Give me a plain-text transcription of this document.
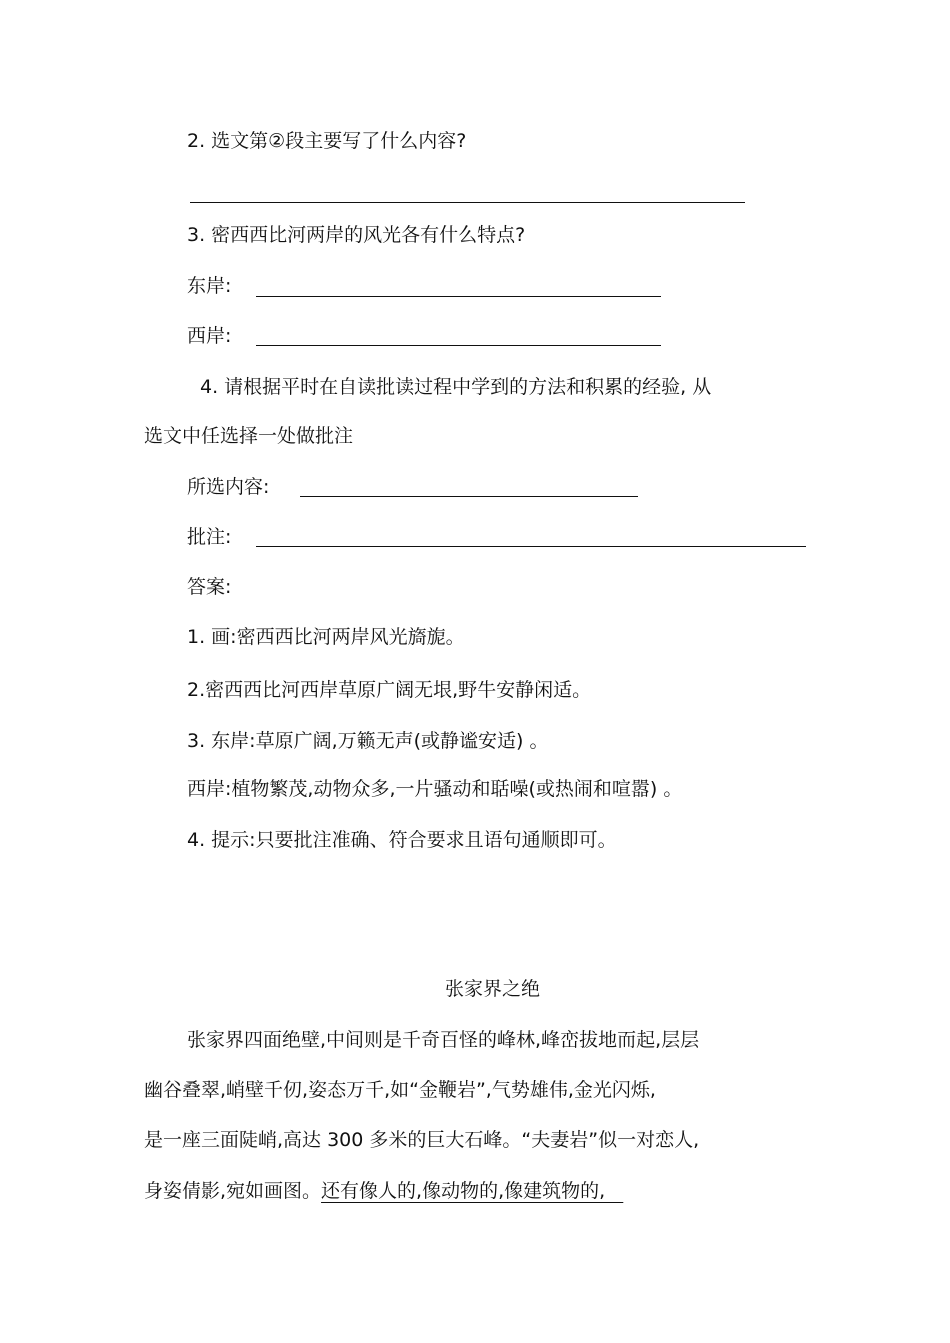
2. 选文第②段主要写了什么内容?
3. 密西西比河两岸的风光各有什么特点?
东岸:
西岸:
4. 请根据平时在自读批读过程中学到的方法和积累的经验, 从
选文中任选择一处做批注
所选内容:
批注:
答案:
1. 画:密西西比河两岸风光旖旎。
2.密西西比河西岸草原广阔无垠,野牛安静闲适。
3. 东岸:草原广阔,万籁无声(或静谧安适) 。
西岸:植物繁茂,动物众多,一片骚动和聒噪(或热闹和喧嚣) 。
4. 提示:只要批注准确、符合要求且语句通顺即可。
张家界之绝
张家界四面绝壁,中间则是千奇百怪的峰林,峰峦拔地而起,层层
幽谷叠翠,峭壁千仞,姿态万千,如“金鞭岩”,气势雄伟,金光闪烁,
是一座三面陡峭,高达 300 多米的巨大石峰。“夫妻岩”似一对恋人,
身姿倩影,宛如画图。还有像人的,像动物的,像建筑物的,
